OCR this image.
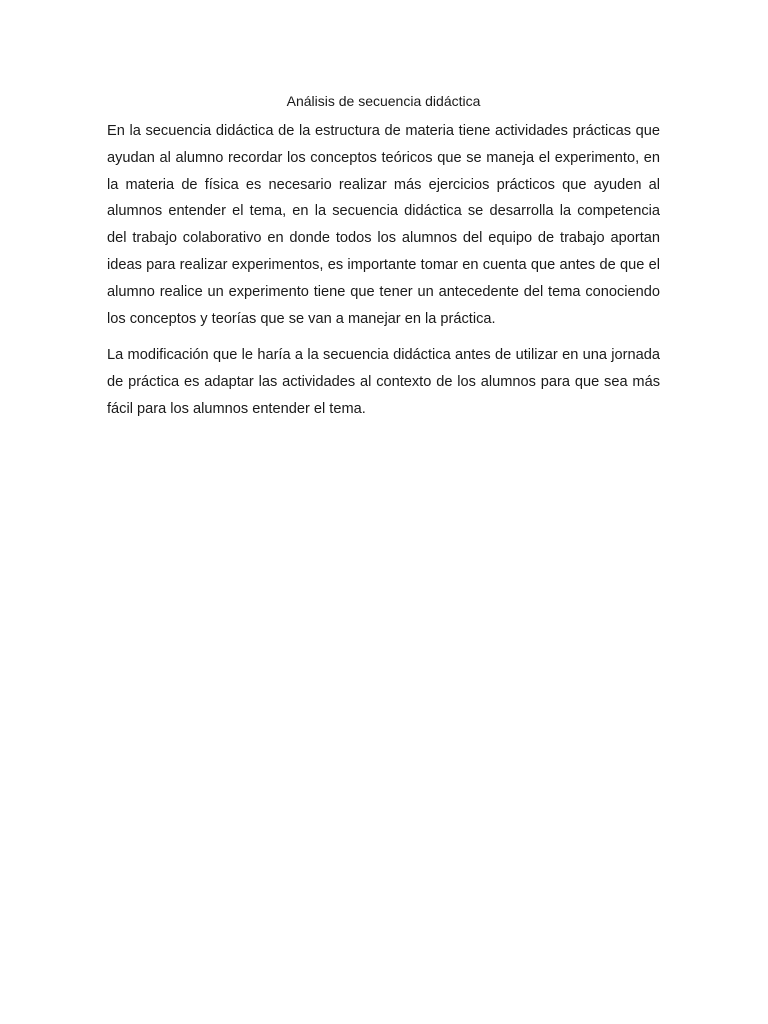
Análisis de secuencia didáctica

En la secuencia didáctica de la estructura de materia tiene actividades prácticas que ayudan al alumno recordar los conceptos teóricos que se maneja el experimento, en la materia de física es necesario realizar más ejercicios prácticos que ayuden al alumnos entender el tema, en la secuencia didáctica se desarrolla la competencia del trabajo colaborativo en donde todos los alumnos del equipo de trabajo aportan ideas para realizar experimentos, es importante tomar en cuenta que antes de que el alumno realice un experimento tiene que tener un antecedente del tema conociendo los conceptos y teorías que se van a manejar en la práctica.

La modificación que le haría a la secuencia didáctica antes de utilizar en una jornada de práctica es adaptar las actividades al contexto de los alumnos para que sea más fácil para los alumnos entender el tema.
